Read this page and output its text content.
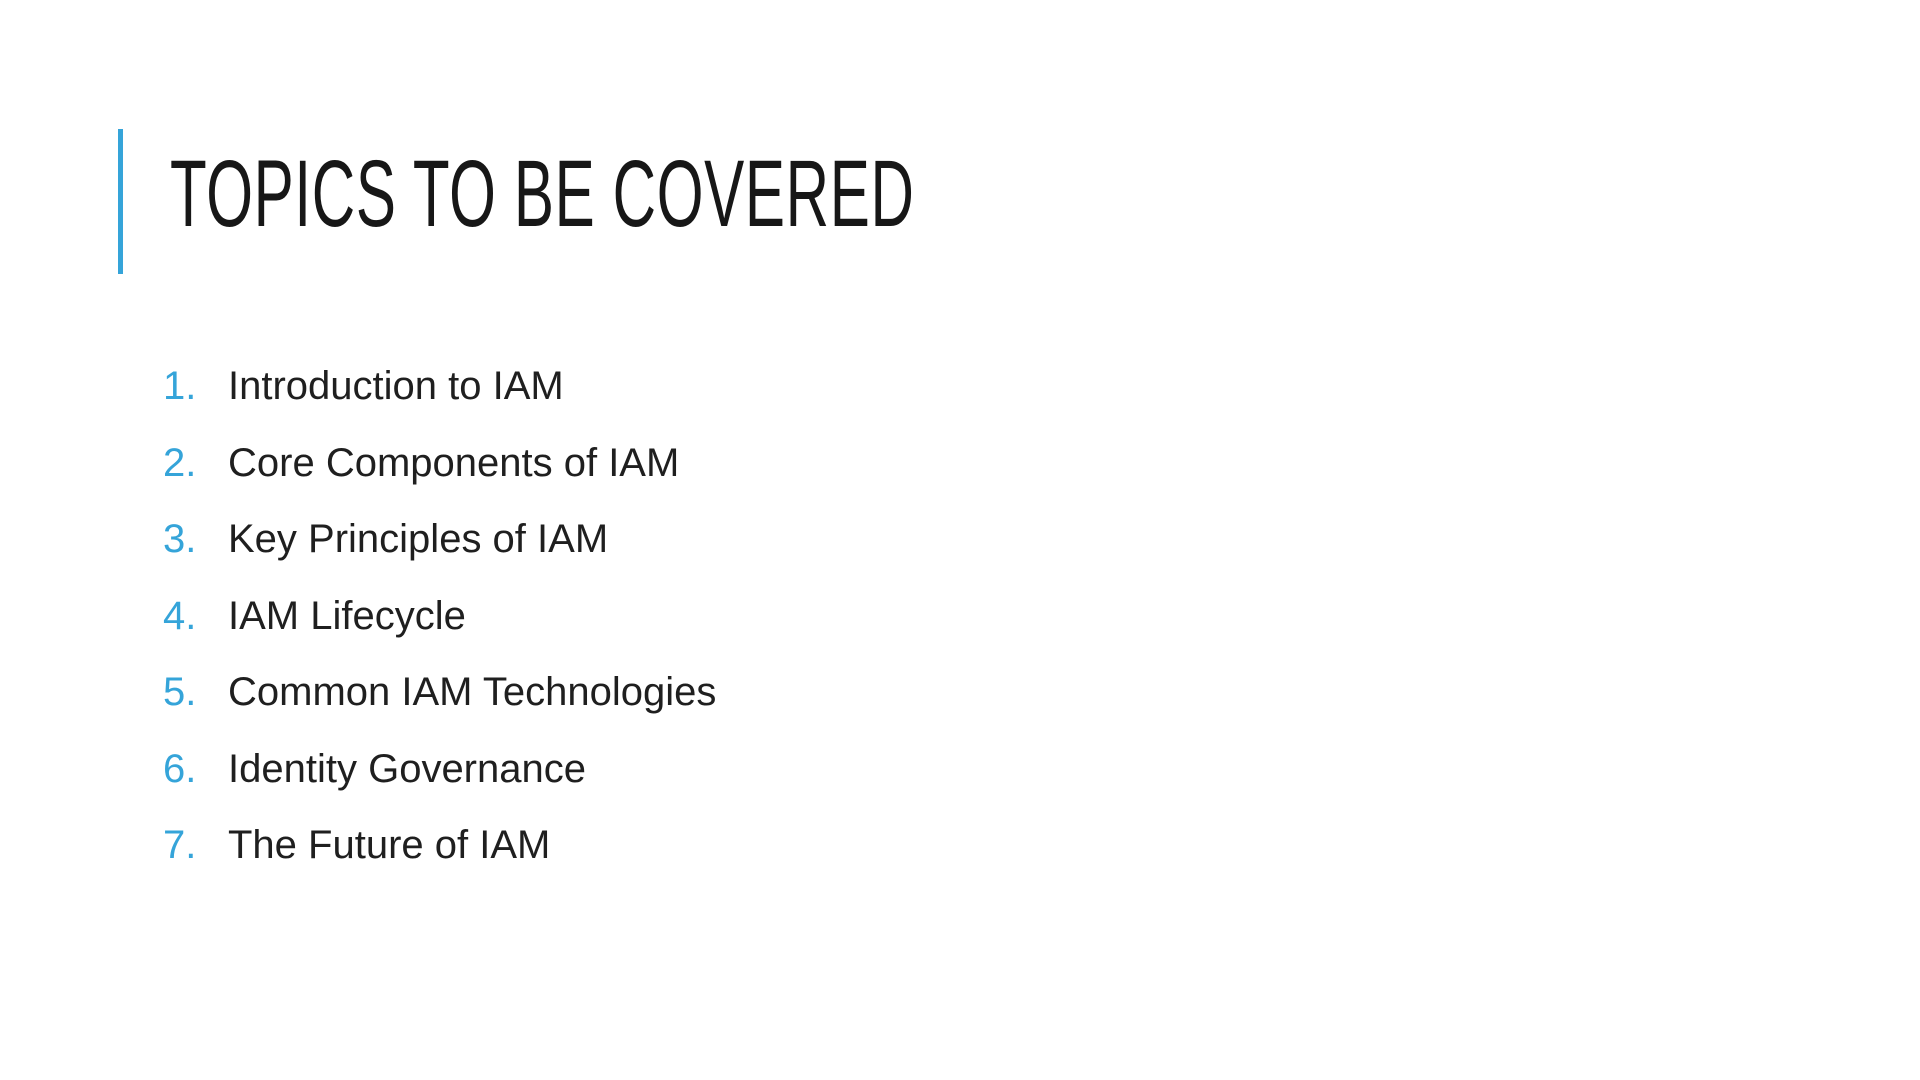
TOPICS TO BE COVERED
1. Introduction to IAM
2. Core Components of IAM
3. Key Principles of IAM
4. IAM Lifecycle
5. Common IAM Technologies
6. Identity Governance
7. The Future of IAM
